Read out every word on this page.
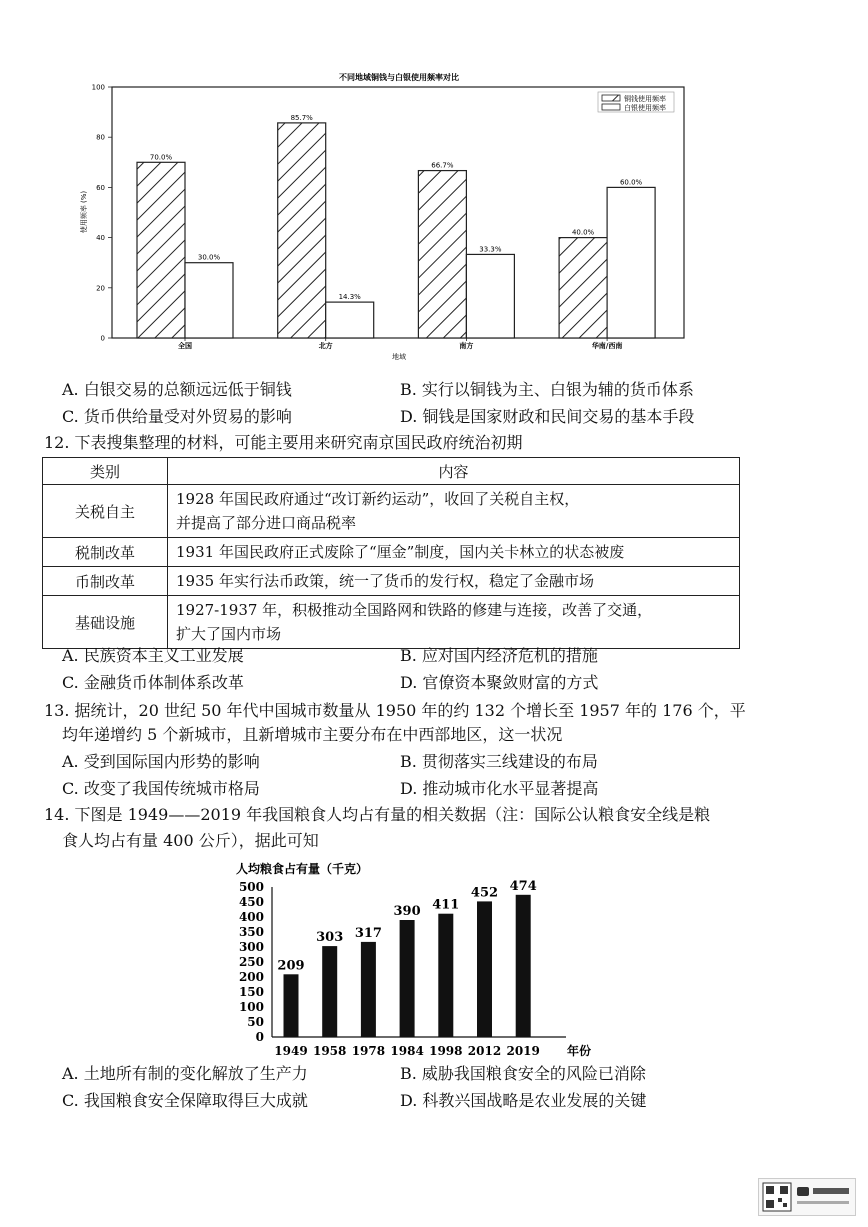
不同地域铜钱与白银使用频率对比
0
20
40
60
80
100
使用频率 (%)
70.0%
30.0%
85.7%
14.3%
66.7%
33.3%
40.0%
60.0%
全国	北方	南方	华南/西南
地域
铜钱使用频率
白银使用频率
A. 白银交易的总额远远低于铜钱	B. 实行以铜钱为主、白银为辅的货币体系
C. 货币供给量受对外贸易的影响	D. 铜钱是国家财政和民间交易的基本手段
12. 下表搜集整理的材料，可能主要用来研究南京国民政府统治初期
类别	内容
关税自主	1928 年国民政府通过“改订新约运动”，收回了关税自主权，
并提高了部分进口商品税率

税制改革	1931 年国民政府正式废除了“厘金”制度，国内关卡林立的状态被废

币制改革	1935 年实行法币政策，统一了货币的发行权，稳定了金融市场

基础设施	1927-1937 年，积极推动全国路网和铁路的修建与连接，改善了交通，
扩大了国内市场
A. 民族资本主义工业发展	B. 应对国内经济危机的措施
C. 金融货币体制体系改革	D. 官僚资本聚敛财富的方式
13. 据统计，20 世纪 50 年代中国城市数量从 1950 年的约 132 个增长至 1957 年的 176 个，平
均年递增约 5 个新城市，且新增城市主要分布在中西部地区，这一状况
A. 受到国际国内形势的影响	B. 贯彻落实三线建设的布局
C. 改变了我国传统城市格局	D. 推动城市化水平显著提高
14. 下图是 1949——2019 年我国粮食人均占有量的相关数据（注：国际公认粮食安全线是粮
食人均占有量 400 公斤），据此可知
人均粮食占有量（千克）
0
50
100
150
200
250
300
350
400
450
500
209
303 317
390 411
452 474
1949 1958 1978 1984 1998 2012 2019 年份
A. 土地所有制的变化解放了生产力	B. 威胁我国粮食安全的风险已消除
C. 我国粮食安全保障取得巨大成就	D. 科教兴国战略是农业发展的关键
